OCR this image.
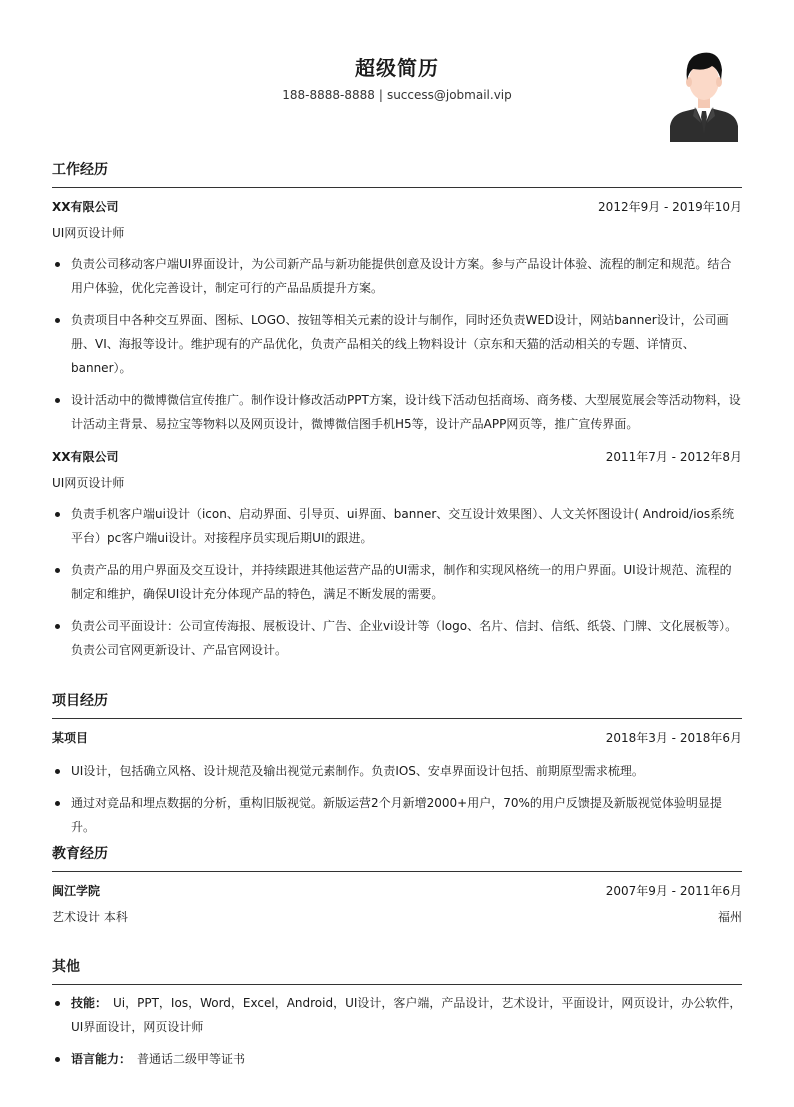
超级简历
188-8888-8888 | success@jobmail.vip
工作经历
XX有限公司	2012年9月 - 2019年10月
UI网页设计师
负责公司移动客户端UI界面设计，为公司新产品与新功能提供创意及设计方案。参与产品设计体验、流程的制定和规范。结合用户体验，优化完善设计，制定可行的产品品质提升方案。
负责项目中各种交互界面、图标、LOGO、按钮等相关元素的设计与制作，同时还负责WED设计，网站banner设计，公司画册、VI、海报等设计。维护现有的产品优化，负责产品相关的线上物料设计（京东和天猫的活动相关的专题、详情页、banner）。
设计活动中的微博微信宣传推广。制作设计修改活动PPT方案，设计线下活动包括商场、商务楼、大型展览展会等活动物料，设计活动主背景、易拉宝等物料以及网页设计，微博微信图手机H5等，设计产品APP网页等，推广宣传界面。
XX有限公司	2011年7月 - 2012年8月
UI网页设计师
负责手机客户端ui设计（icon、启动界面、引导页、ui界面、banner、交互设计效果图）、人文关怀图设计( Android/ios系统平台）pc客户端ui设计。对接程序员实现后期UI的跟进。
负责产品的用户界面及交互设计，并持续跟进其他运营产品的UI需求，制作和实现风格统一的用户界面。UI设计规范、流程的制定和维护，确保UI设计充分体现产品的特色，满足不断发展的需要。
负责公司平面设计：公司宣传海报、展板设计、广告、企业vi设计等（logo、名片、信封、信纸、纸袋、门牌、文化展板等）。负责公司官网更新设计、产品官网设计。
项目经历
某项目	2018年3月 - 2018年6月
UI设计，包括确立风格、设计规范及输出视觉元素制作。负责IOS、安卓界面设计包括、前期原型需求梳理。
通过对竞品和埋点数据的分析，重构旧版视觉。新版运营2个月新增2000+用户，70%的用户反馈提及新版视觉体验明显提升。
教育经历
闽江学院	2007年9月 - 2011年6月
艺术设计 本科	福州
其他
技能： Ui，PPT，Ios，Word，Excel，Android，UI设计，客户端，产品设计，艺术设计，平面设计，网页设计，办公软件，UI界面设计，网页设计师
语言能力： 普通话二级甲等证书
